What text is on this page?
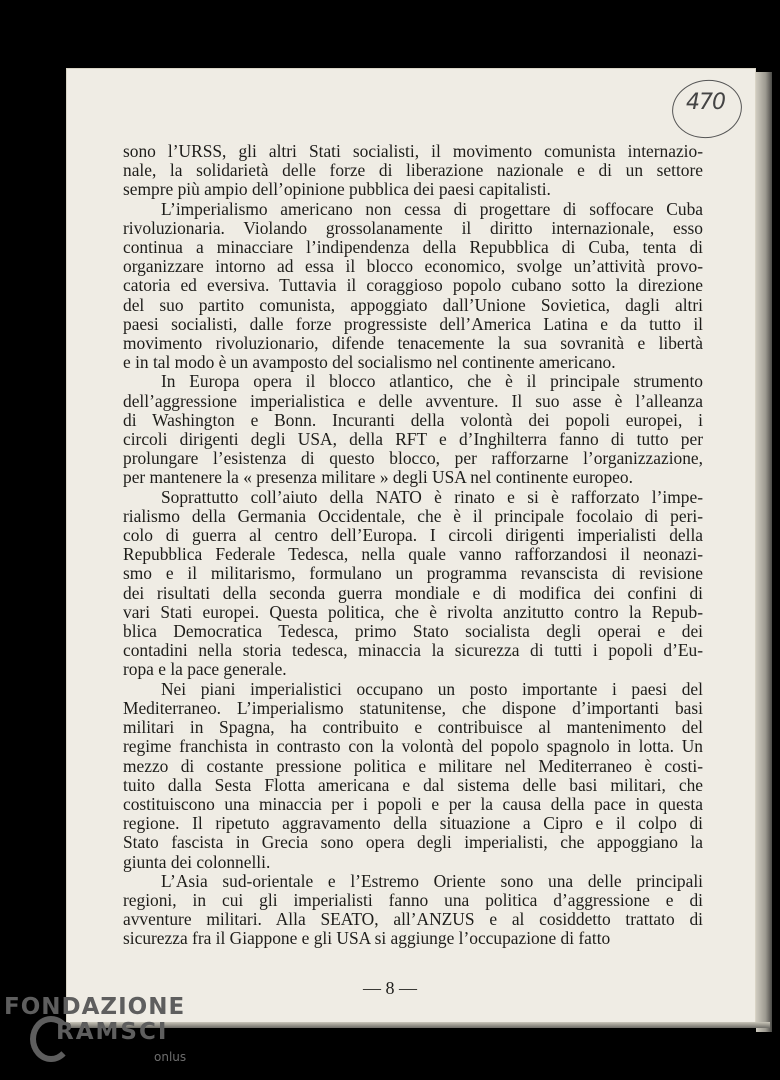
470

sono l’URSS, gli altri Stati socialisti, il movimento comunista internazio-

nale, la solidarietà delle forze di liberazione nazionale e di un settore

sempre più ampio dell’opinione pubblica dei paesi capitalisti.

L’imperialismo americano non cessa di progettare di soffocare Cuba

rivoluzionaria. Violando grossolanamente il diritto internazionale, esso

continua a minacciare l’indipendenza della Repubblica di Cuba, tenta di

organizzare intorno ad essa il blocco economico, svolge un’attività provo-

catoria ed eversiva. Tuttavia il coraggioso popolo cubano sotto la direzione

del suo partito comunista, appoggiato dall’Unione Sovietica, dagli altri

paesi socialisti, dalle forze progressiste dell’America Latina e da tutto il

movimento rivoluzionario, difende tenacemente la sua sovranità e libertà

e in tal modo è un avamposto del socialismo nel continente americano.

In Europa opera il blocco atlantico, che è il principale strumento

dell’aggressione imperialistica e delle avventure. Il suo asse è l’alleanza

di Washington e Bonn. Incuranti della volontà dei popoli europei, i

circoli dirigenti degli USA, della RFT e d’Inghilterra fanno di tutto per

prolungare l’esistenza di questo blocco, per rafforzarne l’organizzazione,

per mantenere la « presenza militare » degli USA nel continente europeo.

Soprattutto coll’aiuto della NATO è rinato e si è rafforzato l’impe-

rialismo della Germania Occidentale, che è il principale focolaio di peri-

colo di guerra al centro dell’Europa. I circoli dirigenti imperialisti della

Repubblica Federale Tedesca, nella quale vanno rafforzandosi il neonazi-

smo e il militarismo, formulano un programma revanscista di revisione

dei risultati della seconda guerra mondiale e di modifica dei confini di

vari Stati europei. Questa politica, che è rivolta anzitutto contro la Repub-

blica Democratica Tedesca, primo Stato socialista degli operai e dei

contadini nella storia tedesca, minaccia la sicurezza di tutti i popoli d’Eu-

ropa e la pace generale.

Nei piani imperialistici occupano un posto importante i paesi del

Mediterraneo. L’imperialismo statunitense, che dispone d’importanti basi

militari in Spagna, ha contribuito e contribuisce al mantenimento del

regime franchista in contrasto con la volontà del popolo spagnolo in lotta. Un

mezzo di costante pressione politica e militare nel Mediterraneo è costi-

tuito dalla Sesta Flotta americana e dal sistema delle basi militari, che

costituiscono una minaccia per i popoli e per la causa della pace in questa

regione. Il ripetuto aggravamento della situazione a Cipro e il colpo di

Stato fascista in Grecia sono opera degli imperialisti, che appoggiano la

giunta dei colonnelli.

L’Asia sud-orientale e l’Estremo Oriente sono una delle principali

regioni, in cui gli imperialisti fanno una politica d’aggressione e di

avventure militari. Alla SEATO, all’ANZUS e al cosiddetto trattato di

sicurezza fra il Giappone e gli USA si aggiunge l’occupazione di fatto

— 8 —
FONDAZIONE
RAMSCI
onlus
